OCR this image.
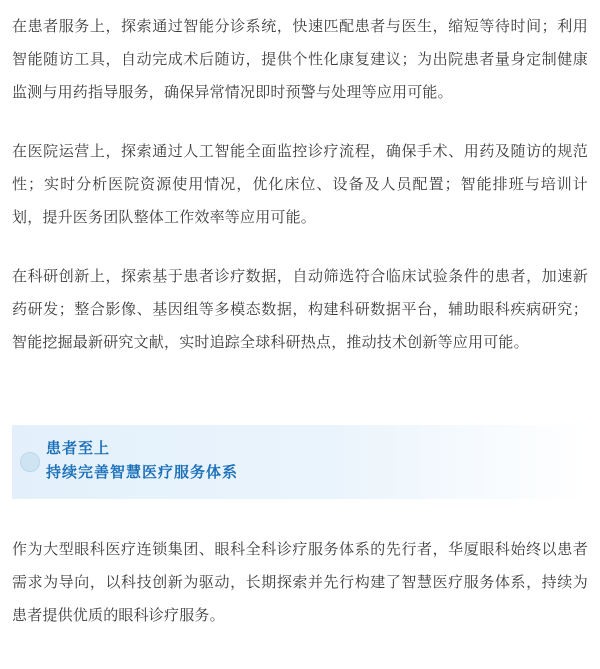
在患者服务上，探索通过智能分诊系统，快速匹配患者与医生，缩短等待时间；利用智能随访工具，自动完成术后随访，提供个性化康复建议；为出院患者量身定制健康监测与用药指导服务，确保异常情况即时预警与处理等应用可能。

在医院运营上，探索通过人工智能全面监控诊疗流程，确保手术、用药及随访的规范性；实时分析医院资源使用情况，优化床位、设备及人员配置；智能排班与培训计划，提升医务团队整体工作效率等应用可能。

在科研创新上，探索基于患者诊疗数据，自动筛选符合临床试验条件的患者，加速新药研发；整合影像、基因组等多模态数据，构建科研数据平台，辅助眼科疾病研究；智能挖掘最新研究文献，实时追踪全球科研热点，推动技术创新等应用可能。

患者至上
持续完善智慧医疗服务体系

作为大型眼科医疗连锁集团、眼科全科诊疗服务体系的先行者，华厦眼科始终以患者需求为导向，以科技创新为驱动，长期探索并先行构建了智慧医疗服务体系，持续为患者提供优质的眼科诊疗服务。
